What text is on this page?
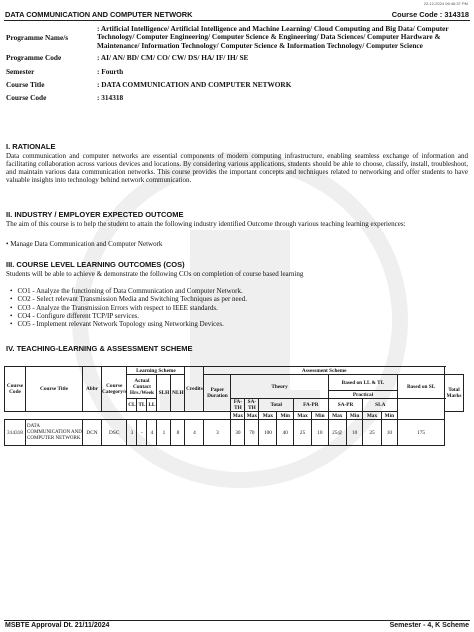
22-12-2024 06:46:37 PM
DATA COMMUNICATION AND COMPUTER NETWORK	Course Code : 314318
Programme Name/s
: Artificial Intelligence/ Artificial Intelligence and Machine Learning/ Cloud Computing and Big Data/ Computer Technology/ Computer Engineering/ Computer Science & Engineering/ Data Sciences/ Computer Hardware & Maintenance/ Information Technology/ Computer Science & Information Technology/ Computer Science
Programme Code	: AI/ AN/ BD/ CM/ CO/ CW/ DS/ HA/ IF/ IH/ SE
Semester	: Fourth
Course Title	: DATA COMMUNICATION AND COMPUTER NETWORK
Course Code	: 314318
I. RATIONALE
Data communication and computer networks are essential components of modern computing infrastructure, enabling seamless exchange of information and facilitating collaboration across various devices and locations. By considering various applications, students should be able to choose, classify, install, troubleshoot, and maintain various data communication networks. This course provides the important concepts and techniques related to networking and offer students to have valuable insights into technology behind network communication.
II. INDUSTRY / EMPLOYER EXPECTED OUTCOME
The aim of this course is to help the student to attain the following industry identified Outcome through various teaching learning experiences:
• Manage Data Communication and Computer Network
III. COURSE LEVEL LEARNING OUTCOMES (COS)
Students will be able to achieve & demonstrate the following COs on completion of course based learning
• CO1 - Analyze the functioning of Data Communication and Computer Network.
• CO2 - Select relevant Transmission Media and Switching Techniques as per need.
• CO3 - Analyze the Transmission Errors with respect to IEEE standards.
• CO4 - Configure different TCP/IP services.
• CO5 - Implement relevant Network Topology using Networking Devices.
IV. TEACHING-LEARNING & ASSESSMENT SCHEME
Course Code	Course Title	Abbr	Course Category/s	Learning Scheme					Credits	Assessment Scheme												
				Actual Contact Hrs./Week			SLH	NLH		Paper Duration	Theory						Based on LL & TL				Based on SL	Total Marks

																	Practical					
				CL	TL	LL					FA-TH	SA-TH	Total		FA-PR		SA-PR		SLA			
											Max	Max	Max	Min	Max	Min	Max	Min	Max	Min		
314318	DATA COMMUNICATION AND COMPUTER NETWORK	DCN	DSC	3	-	4	1	8	4	3	30	70	100	40	25	10	25@	10	25	10	175	
MSBTE Approval Dt. 21/11/2024	Semester - 4, K Scheme
